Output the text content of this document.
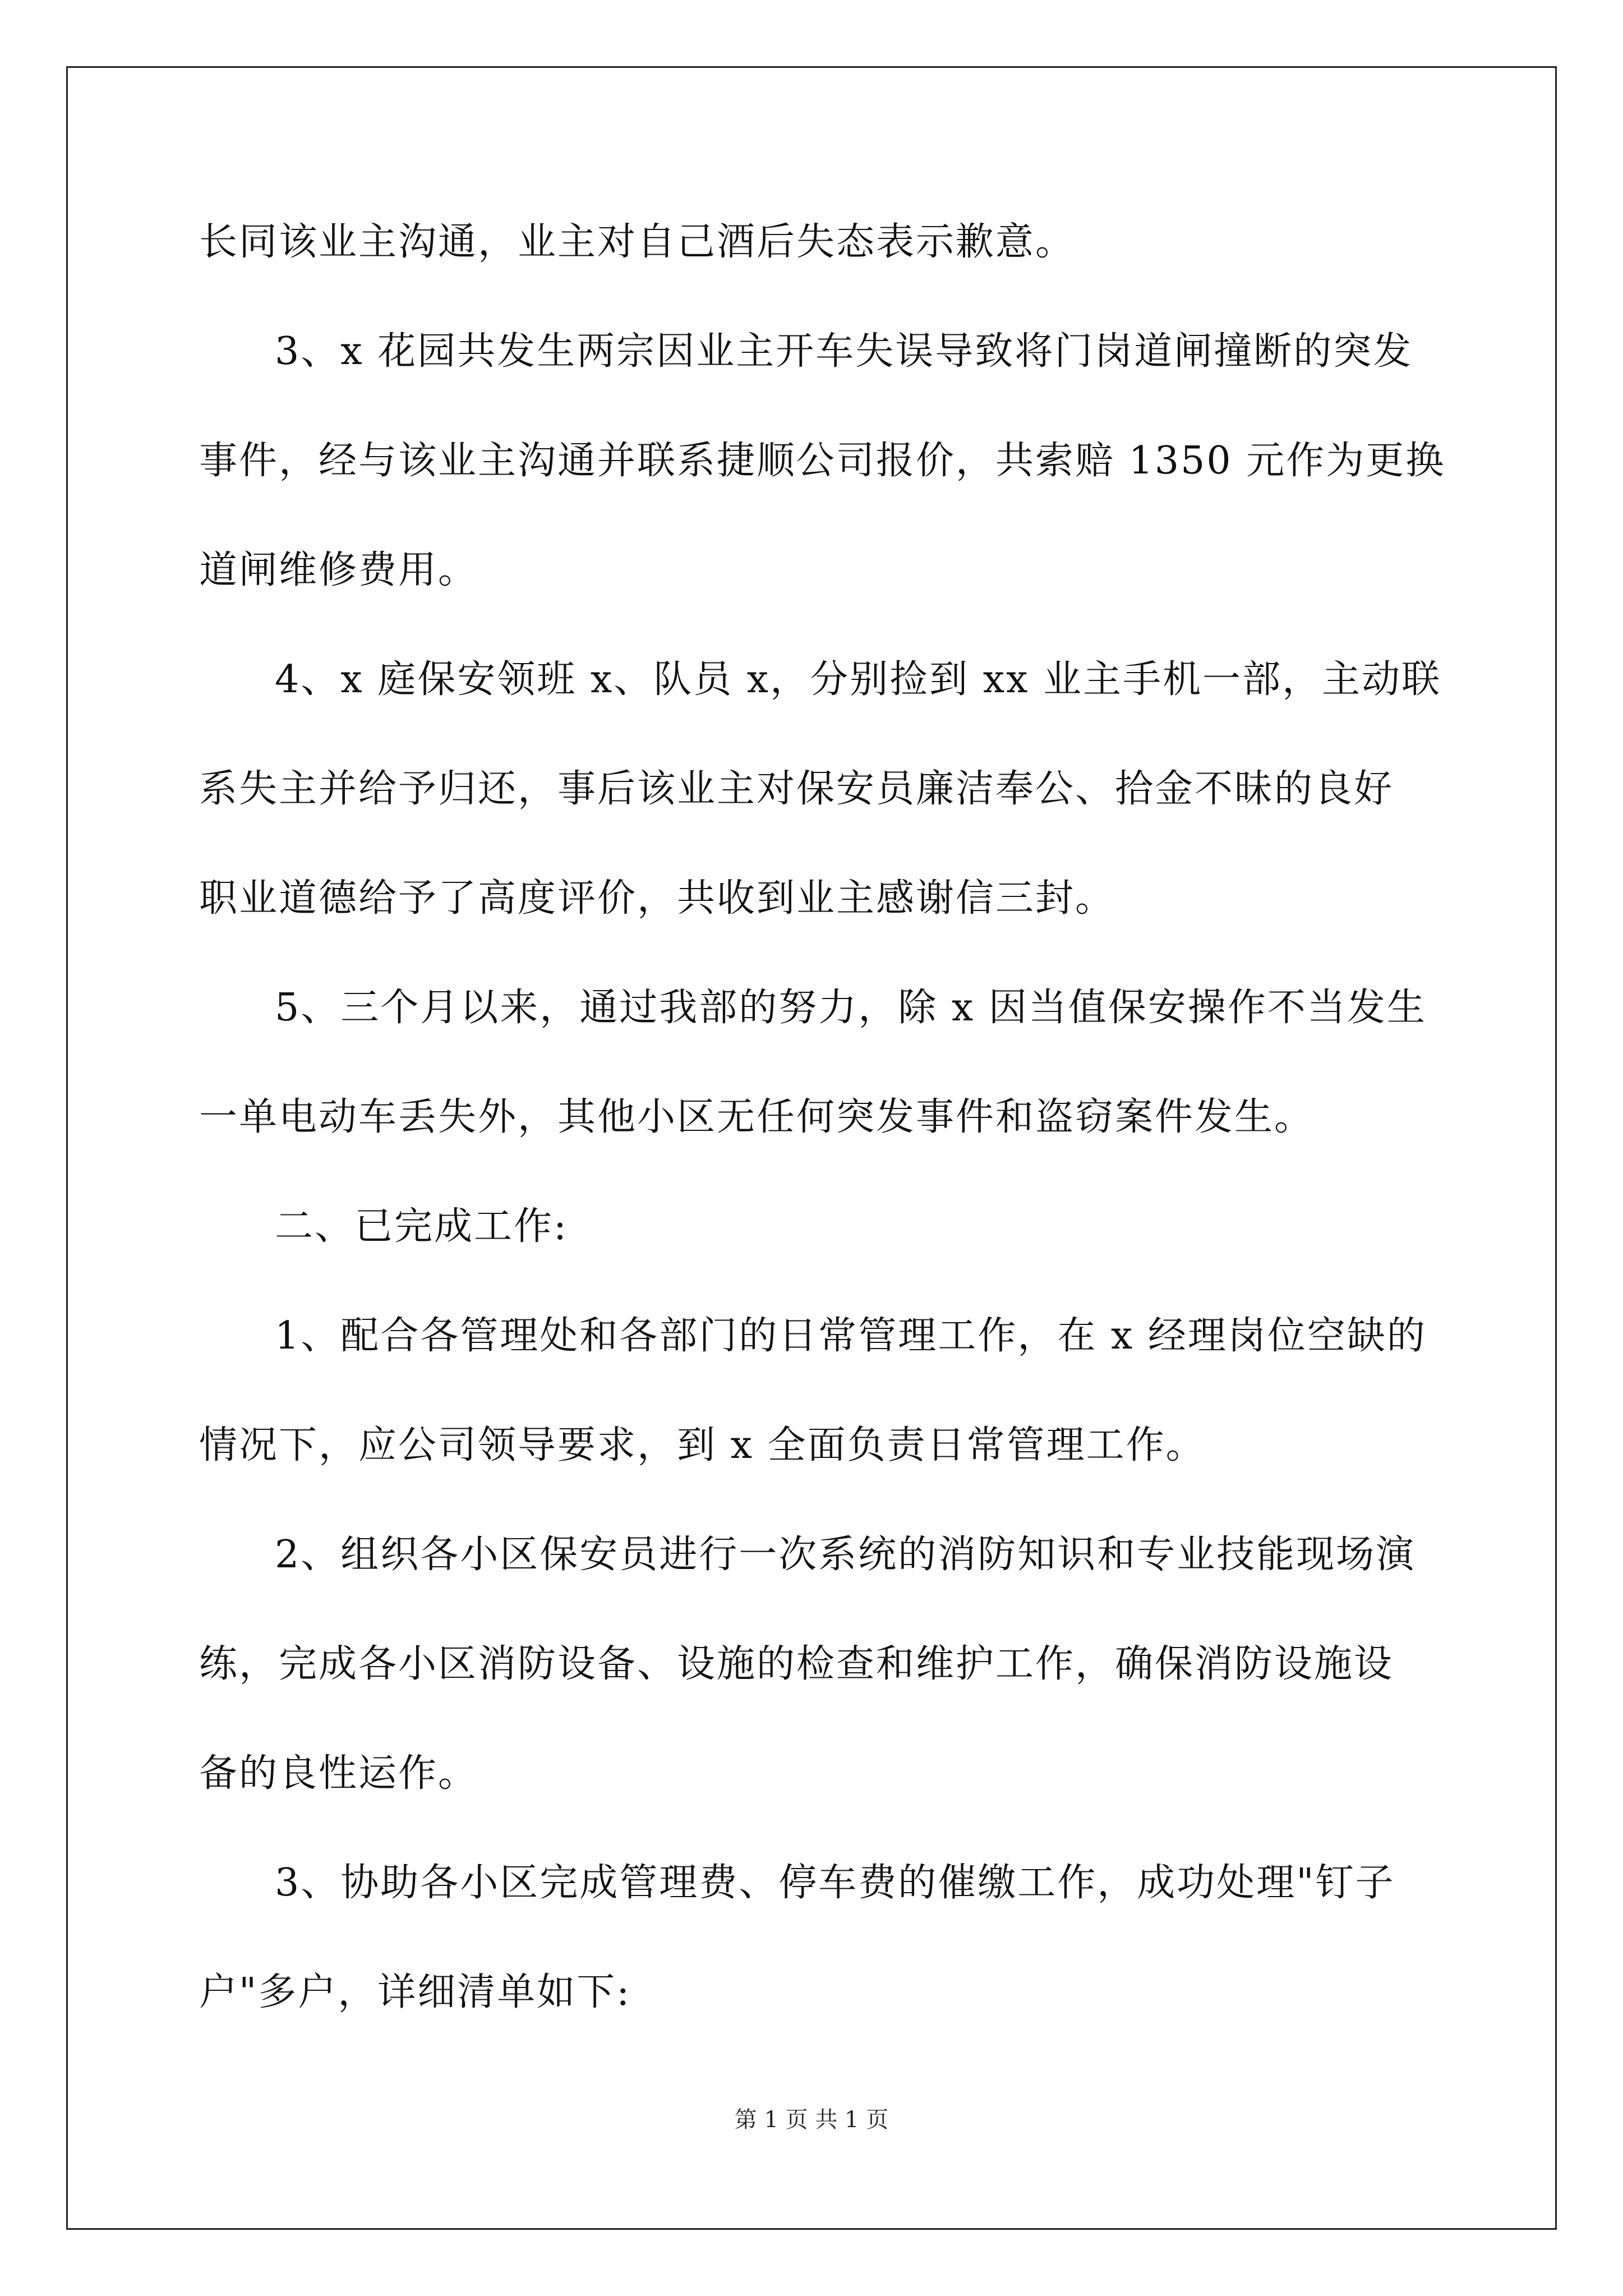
长同该业主沟通，业主对自己酒后失态表示歉意。
3、x 花园共发生两宗因业主开车失误导致将门岗道闸撞断的突发
事件，经与该业主沟通并联系捷顺公司报价，共索赔 1350 元作为更换
道闸维修费用。
4、x 庭保安领班 x、队员 x，分别捡到 xx 业主手机一部，主动联
系失主并给予归还，事后该业主对保安员廉洁奉公、拾金不昧的良好
职业道德给予了高度评价，共收到业主感谢信三封。
5、三个月以来，通过我部的努力，除 x 因当值保安操作不当发生
一单电动车丢失外，其他小区无任何突发事件和盗窃案件发生。
二、已完成工作:
1、配合各管理处和各部门的日常管理工作，在 x 经理岗位空缺的
情况下，应公司领导要求，到 x 全面负责日常管理工作。
2、组织各小区保安员进行一次系统的消防知识和专业技能现场演
练，完成各小区消防设备、设施的检查和维护工作，确保消防设施设
备的良性运作。
3、协助各小区完成管理费、停车费的催缴工作，成功处理"钉子
户"多户，详细清单如下:
第 1 页 共 1 页
